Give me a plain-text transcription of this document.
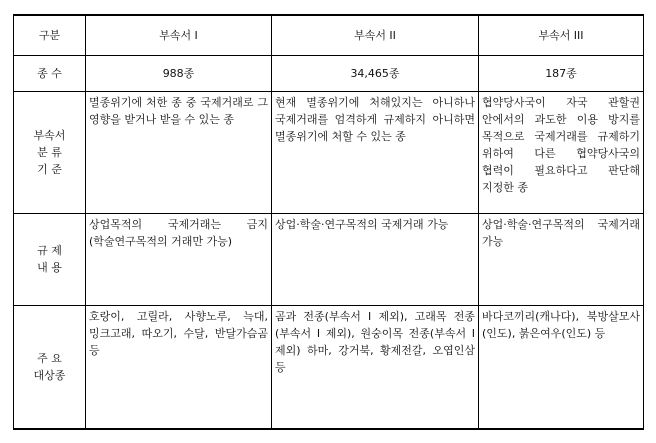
구분	부속서 I	부속서 II	부속서 III
종 수	988종	34,465종	187종

부속서
분 류
기 준	멸종위기에 처한 종 중 국제거래로 그 영향을 받거나 받을 수 있는 종	현재 멸종위기에 처해있지는 아니하나 국제거래를 엄격하게 규제하지 아니하면 멸종위기에 처할 수 있는 종	협약당사국이 자국 관할권 안에서의 과도한 이용 방지를 목적으로 국제거래를 규제하기 위하여 다른 협약당사국의 협력이 필요하다고 판단해 지정한 종

규 제
내 용	상업목적의 국제거래는 금지(학술연구목적의 거래만 가능)	상업·학술·연구목적의 국제거래 가능	상업·학술·연구목적의 국제거래 가능

주 요
대상종	호랑이, 고릴라, 사향노루, 늑대, 밍크고래, 따오기, 수달, 반달가슴곰 등	곰과 전종(부속서 I 제외), 고래목 전종(부속서 I 제외), 원숭이목 전종(부속서 I 제외) 하마, 강거북, 황제전갈, 오엽인삼 등	바다코끼리(캐나다), 북방살모사(인도), 붉은여우(인도) 등
